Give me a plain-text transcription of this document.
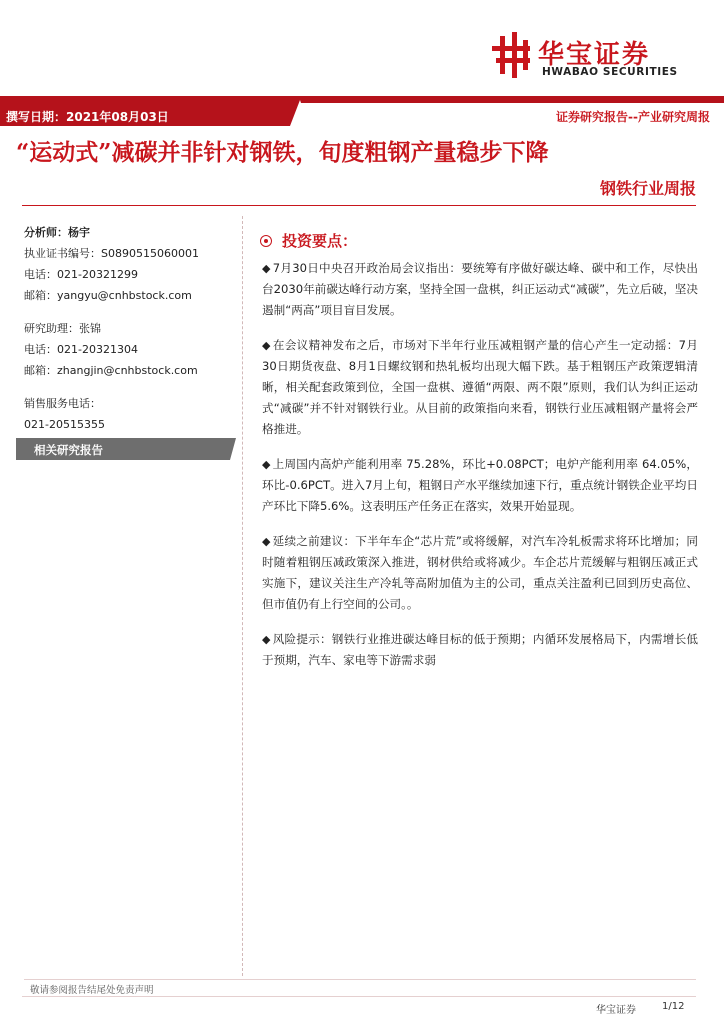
华宝证券
HWABAO SECURITIES
撰写日期：2021年08月03日	证券研究报告--产业研究周报
“运动式”减碳并非针对钢铁，旬度粗钢产量稳步下降
钢铁行业周报
分析师：杨宇
执业证书编号：S0890515060001
电话：021-20321299
邮箱：yangyu@cnhbstock.com
研究助理：张锦
电话：021-20321304
邮箱：zhangjin@cnhbstock.com
销售服务电话：
021-20515355
相关研究报告
投资要点：

◆ 7月30日中央召开政治局会议指出：要统筹有序做好碳达峰、碳中和工作，尽快出台2030年前碳达峰行动方案，坚持全国一盘棋，纠正运动式“减碳”，先立后破，坚决遏制“两高”项目盲目发展。

◆ 在会议精神发布之后，市场对下半年行业压减粗钢产量的信心产生一定动摇：7月30日期货夜盘、8月1日螺纹钢和热轧板均出现大幅下跌。基于粗钢压产政策逻辑清晰，相关配套政策到位，全国一盘棋、遵循“两限、两不限”原则，我们认为纠正运动式“减碳”并不针对钢铁行业。从目前的政策指向来看，钢铁行业压减粗钢产量将会严格推进。

◆ 上周国内高炉产能利用率 75.28%，环比+0.08PCT；电炉产能利用率 64.05%，环比-0.6PCT。进入7月上旬，粗钢日产水平继续加速下行，重点统计钢铁企业平均日产环比下降5.6%。这表明压产任务正在落实，效果开始显现。

◆ 延续之前建议：下半年车企“芯片荒”或将缓解，对汽车冷轧板需求将环比增加；同时随着粗钢压减政策深入推进，钢材供给或将减少。车企芯片荒缓解与粗钢压减正式实施下，建议关注生产冷轧等高附加值为主的公司，重点关注盈利已回到历史高位、但市值仍有上行空间的公司。。

◆ 风险提示：钢铁行业推进碳达峰目标的低于预期；内循环发展格局下，内需增长低于预期，汽车、家电等下游需求弱

敬请参阅报告结尾处免责声明
华宝证券	1/12
